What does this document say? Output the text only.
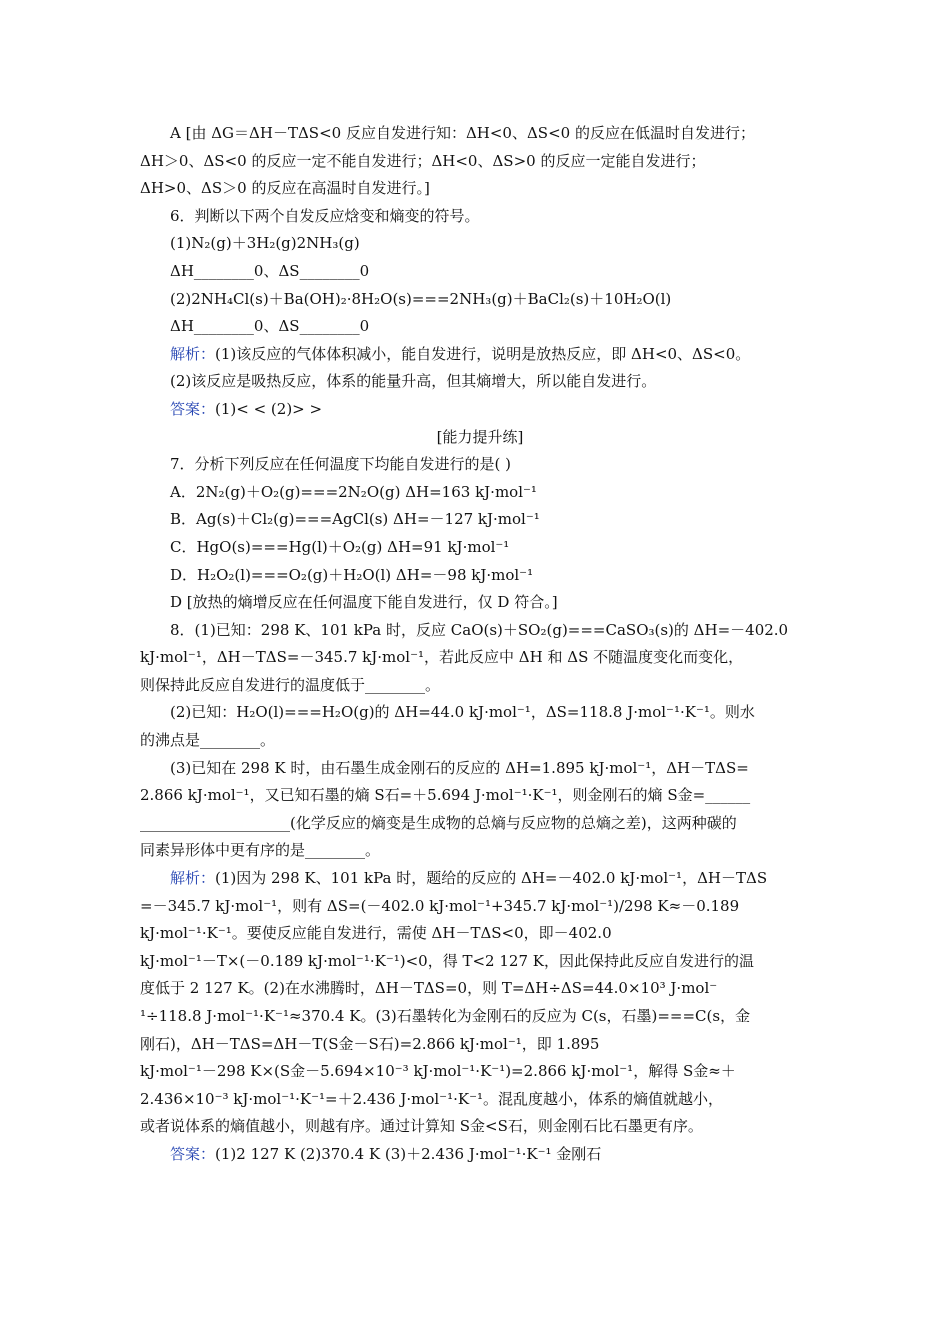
A [由 ΔG＝ΔH－TΔS<0 反应自发进行知：ΔH<0、ΔS<0 的反应在低温时自发进行；
ΔH＞0、ΔS<0 的反应一定不能自发进行；ΔH<0、ΔS>0 的反应一定能自发进行；
ΔH>0、ΔS＞0 的反应在高温时自发进行。]
6．判断以下两个自发反应焓变和熵变的符号。
(1)N₂(g)＋3H₂(g)2NH₃(g)
ΔH________0、ΔS________0
(2)2NH₄Cl(s)＋Ba(OH)₂·8H₂O(s)===2NH₃(g)＋BaCl₂(s)＋10H₂O(l)
ΔH________0、ΔS________0
解析：(1)该反应的气体体积减小，能自发进行，说明是放热反应，即 ΔH<0、ΔS<0。
(2)该反应是吸热反应，体系的能量升高，但其熵增大，所以能自发进行。
答案：(1)< < (2)> >
[能力提升练]
7．分析下列反应在任何温度下均能自发进行的是( )
A．2N₂(g)＋O₂(g)===2N₂O(g) ΔH=163 kJ·mol⁻¹
B．Ag(s)＋Cl₂(g)===AgCl(s) ΔH=－127 kJ·mol⁻¹
C．HgO(s)===Hg(l)＋O₂(g) ΔH=91 kJ·mol⁻¹
D．H₂O₂(l)===O₂(g)＋H₂O(l) ΔH=－98 kJ·mol⁻¹
D [放热的熵增反应在任何温度下能自发进行，仅 D 符合。]
8．(1)已知：298 K、101 kPa 时，反应 CaO(s)＋SO₂(g)===CaSO₃(s)的 ΔH=－402.0
kJ·mol⁻¹，ΔH－TΔS=－345.7 kJ·mol⁻¹，若此反应中 ΔH 和 ΔS 不随温度变化而变化，
则保持此反应自发进行的温度低于________。
(2)已知：H₂O(l)===H₂O(g)的 ΔH=44.0 kJ·mol⁻¹，ΔS=118.8 J·mol⁻¹·K⁻¹。则水
的沸点是________。
(3)已知在 298 K 时，由石墨生成金刚石的反应的 ΔH=1.895 kJ·mol⁻¹，ΔH－TΔS=
2.866 kJ·mol⁻¹，又已知石墨的熵 S石=＋5.694 J·mol⁻¹·K⁻¹，则金刚石的熵 S金=______
____________________(化学反应的熵变是生成物的总熵与反应物的总熵之差)，这两种碳的
同素异形体中更有序的是________。
解析：(1)因为 298 K、101 kPa 时，题给的反应的 ΔH=－402.0 kJ·mol⁻¹，ΔH－TΔS
=－345.7 kJ·mol⁻¹，则有 ΔS=(－402.0 kJ·mol⁻¹+345.7 kJ·mol⁻¹)/298 K≈－0.189
kJ·mol⁻¹·K⁻¹。要使反应能自发进行，需使 ΔH－TΔS<0，即－402.0
kJ·mol⁻¹－T×(－0.189 kJ·mol⁻¹·K⁻¹)<0，得 T<2 127 K，因此保持此反应自发进行的温
度低于 2 127 K。(2)在水沸腾时，ΔH－TΔS=0，则 T=ΔH÷ΔS=44.0×10³ J·mol⁻
¹÷118.8 J·mol⁻¹·K⁻¹≈370.4 K。(3)石墨转化为金刚石的反应为 C(s，石墨)===C(s，金
刚石)，ΔH－TΔS=ΔH－T(S金－S石)=2.866 kJ·mol⁻¹，即 1.895
kJ·mol⁻¹－298 K×(S金－5.694×10⁻³ kJ·mol⁻¹·K⁻¹)=2.866 kJ·mol⁻¹，解得 S金≈＋
2.436×10⁻³ kJ·mol⁻¹·K⁻¹=＋2.436 J·mol⁻¹·K⁻¹。混乱度越小，体系的熵值就越小，
或者说体系的熵值越小，则越有序。通过计算知 S金<S石，则金刚石比石墨更有序。
答案：(1)2 127 K (2)370.4 K (3)＋2.436 J·mol⁻¹·K⁻¹ 金刚石
